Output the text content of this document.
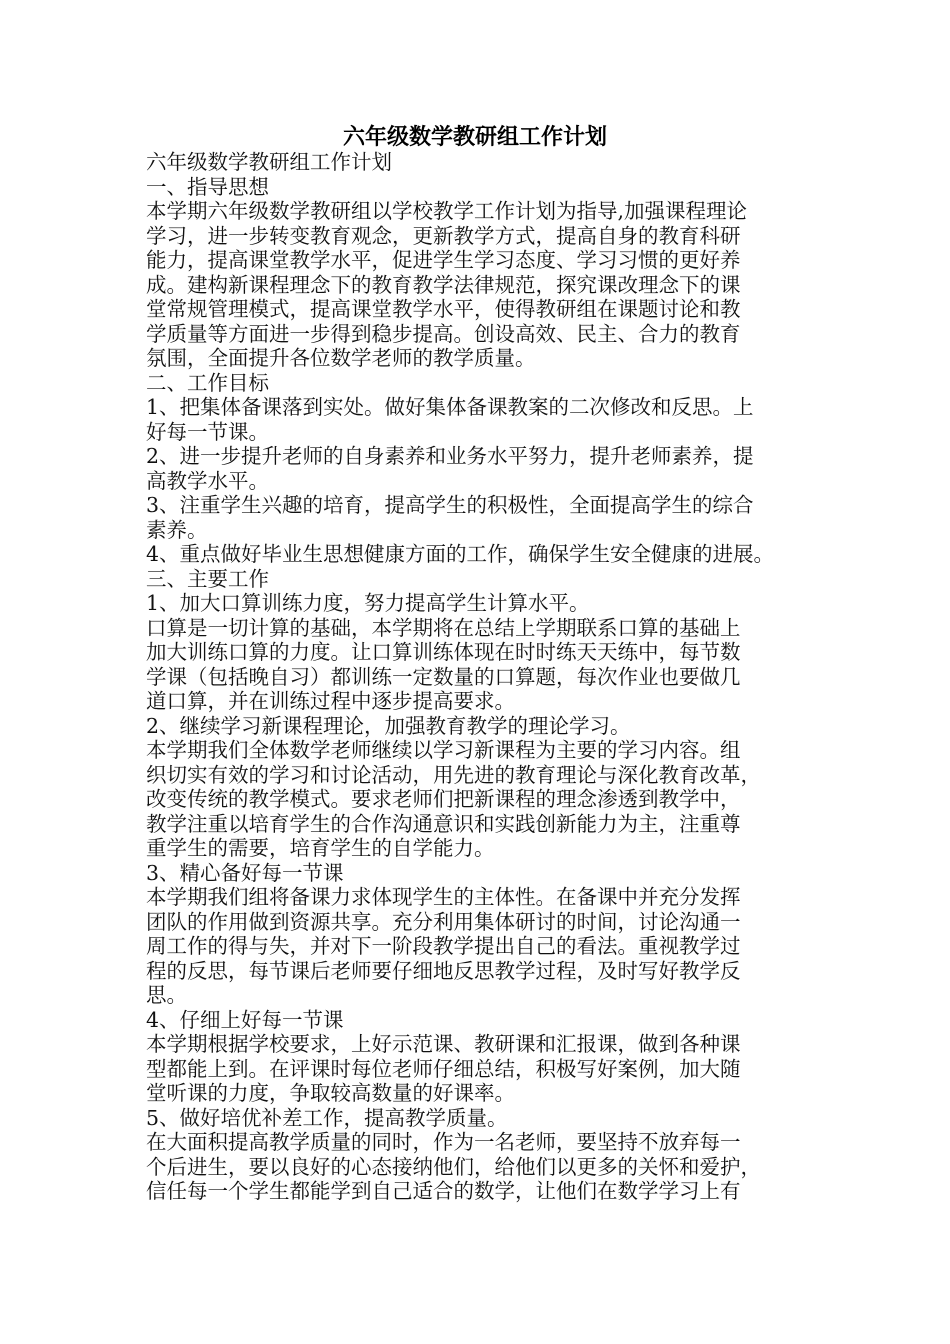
六年级数学教研组工作计划
六年级数学教研组工作计划
一、指导思想
本学期六年级数学教研组以学校教学工作计划为指导,加强课程理论
学习，进一步转变教育观念，更新教学方式，提高自身的教育科研
能力，提高课堂教学水平，促进学生学习态度、学习习惯的更好养
成。建构新课程理念下的教育教学法律规范，探究课改理念下的课
堂常规管理模式，提高课堂教学水平，使得教研组在课题讨论和教
学质量等方面进一步得到稳步提高。创设高效、民主、合力的教育
氛围，全面提升各位数学老师的教学质量。
二、工作目标
1、把集体备课落到实处。做好集体备课教案的二次修改和反思。上
好每一节课。
2、进一步提升老师的自身素养和业务水平努力，提升老师素养，提
高教学水平。
3、注重学生兴趣的培育，提高学生的积极性，全面提高学生的综合
素养。
4、重点做好毕业生思想健康方面的工作，确保学生安全健康的进展。
三、主要工作
1、加大口算训练力度，努力提高学生计算水平。
口算是一切计算的基础，本学期将在总结上学期联系口算的基础上
加大训练口算的力度。让口算训练体现在时时练天天练中，每节数
学课（包括晚自习）都训练一定数量的口算题，每次作业也要做几
道口算，并在训练过程中逐步提高要求。
2、继续学习新课程理论，加强教育教学的理论学习。
本学期我们全体数学老师继续以学习新课程为主要的学习内容。组
织切实有效的学习和讨论活动，用先进的教育理论与深化教育改革，
改变传统的教学模式。要求老师们把新课程的理念渗透到教学中，
教学注重以培育学生的合作沟通意识和实践创新能力为主，注重尊
重学生的需要，培育学生的自学能力。
3、精心备好每一节课
本学期我们组将备课力求体现学生的主体性。在备课中并充分发挥
团队的作用做到资源共享。充分利用集体研讨的时间，讨论沟通一
周工作的得与失，并对下一阶段教学提出自己的看法。重视教学过
程的反思，每节课后老师要仔细地反思教学过程，及时写好教学反
思。
4、仔细上好每一节课
本学期根据学校要求，上好示范课、教研课和汇报课，做到各种课
型都能上到。在评课时每位老师仔细总结，积极写好案例，加大随
堂听课的力度，争取较高数量的好课率。
5、做好培优补差工作，提高教学质量。
在大面积提高教学质量的同时，作为一名老师，要坚持不放弃每一
个后进生，要以良好的心态接纳他们，给他们以更多的关怀和爱护，
信任每一个学生都能学到自己适合的数学，让他们在数学学习上有
